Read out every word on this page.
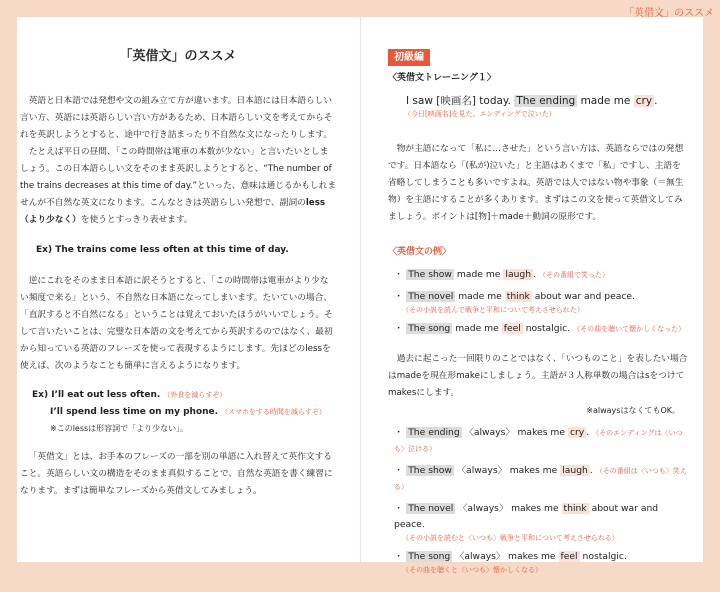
「英借文」のススメ
「英借文」のススメ

英語と日本語では発想や文の組み立て方が違います。日本語には日本語らしい言い方、英語には英語らしい言い方があるため、日本語らしい文を考えてからそれを英訳しようとすると、途中で行き詰まったり不自然な文になったりします。

たとえば平日の昼間、「この時間帯は電車の本数が少ない」と言いたいとしましょう。この日本語らしい文をそのまま英訳しようとすると、“The number of the trains decreases at this time of day.”といった、意味は通じるかもしれませんが不自然な英文になります。こんなときは英語らしい発想で、副詞のless（より少なく）を使うとすっきり表せます。

Ex) The trains come less often at this time of day.

逆にこれをそのまま日本語に訳そうとすると、「この時間帯は電車がより少ない頻度で来る」という、不自然な日本語になってしまいます。たいていの場合、「直訳すると不自然になる」ということは覚えておいたほうがいいでしょう。そして言いたいことは、完璧な日本語の文を考えてから英訳するのではなく、最初から知っている英語のフレーズを使って表現するようにします。先ほどのlessを使えば、次のようなことも簡単に言えるようになります。

Ex) I’ll eat out less often. （外食を減らすぞ）
I’ll spend less time on my phone. （スマホをする時間を減らすぞ）
※このlessは形容詞で「より少ない」。

「英借文」とは、お手本のフレーズの一部を別の単語に入れ替えて英作文すること。英語らしい文の構造をそのまま真似することで、自然な英語を書く練習になります。まずは簡単なフレーズから英借文してみましょう。

初級編
〈英借文トレーニング１〉
I saw [映画名] today. The ending made me cry .
（今日[映画名]を見た。エンディングで泣いた）

物が主語になって「私に…させた」という言い方は、英語ならではの発想です。日本語なら「(私が)泣いた」と主語はあくまで「私」ですし、主語を省略してしまうことも多いですよね。英語では人ではない物や事象（＝無生物）を主語にすることが多くあります。まずはこの文を使って英借文してみましょう。ポイントは[物]＋made＋動詞の原形です。

〈英借文の例〉
・ The show made me laugh . （その番組で笑った）
・ The novel made me think about war and peace.
（その小説を読んで戦争と平和について考えさせられた）
・ The song made me feel nostalgic. （その曲を聴いて懐かしくなった）

過去に起こった一回限りのことではなく、「いつものこと」を表したい場合はmadeを現在形makeにしましょう。主語が３人称単数の場合はsをつけてmakesにします。

※alwaysはなくてもOK。
・ The ending 〈always〉 makes me cry . （そのエンディングは〈いつも〉泣ける）
・ The show 〈always〉 makes me laugh . （その番組は〈いつも〉笑える）
・ The novel 〈always〉 makes me think about war and peace.
（その小説を読むと〈いつも〉戦争と平和について考えさせられる）
・ The song 〈always〉 makes me feel nostalgic.
（その曲を聴くと〈いつも〉懐かしくなる）
